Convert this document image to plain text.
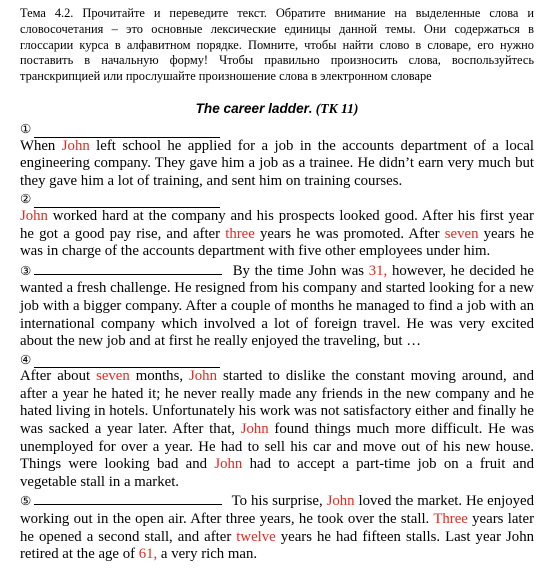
Тема 4.2. Прочитайте и переведите текст. Обратите внимание на выделенные слова и словосочетания – это основные лексические единицы данной темы. Они содержаться в глоссарии курса в алфавитном порядке. Помните, чтобы найти слово в словаре, его нужно поставить в начальную форму! Чтобы правильно произносить слова, воспользуйтесь транскрипцией или прослушайте произношение слова в электронном словаре

The career ladder. (TK 11)
①

When John left school he applied for a job in the accounts department of a local engineering company. They gave him a job as a trainee. He didn’t earn very much but they gave him a lot of training, and sent him on training courses.

②

John worked hard at the company and his prospects looked good. After his first year he got a good pay rise, and after three years he was promoted. After seven years he was in charge of the accounts department with five other employees under him.

③	By the time John was 31, however, he decided he wanted a fresh challenge. He resigned from his company and started looking for a new job with a bigger company. After a couple of months he managed to find a job with an international company which involved a lot of foreign travel. He was very excited about the new job and at first he really enjoyed the traveling, but …

④

After about seven months, John started to dislike the constant moving around, and after a year he hated it; he never really made any friends in the new company and he hated living in hotels. Unfortunately his work was not satisfactory either and finally he was sacked a year later. After that, John found things much more difficult. He was unemployed for over a year. He had to sell his car and move out of his new house. Things were looking bad and John had to accept a part-time job on a fruit and vegetable stall in a market.

⑤	To his surprise, John loved the market. He enjoyed working out in the open air. After three years, he took over the stall. Three years later he opened a second stall, and after twelve years he had fifteen stalls. Last year John retired at the age of 61, a very rich man.
